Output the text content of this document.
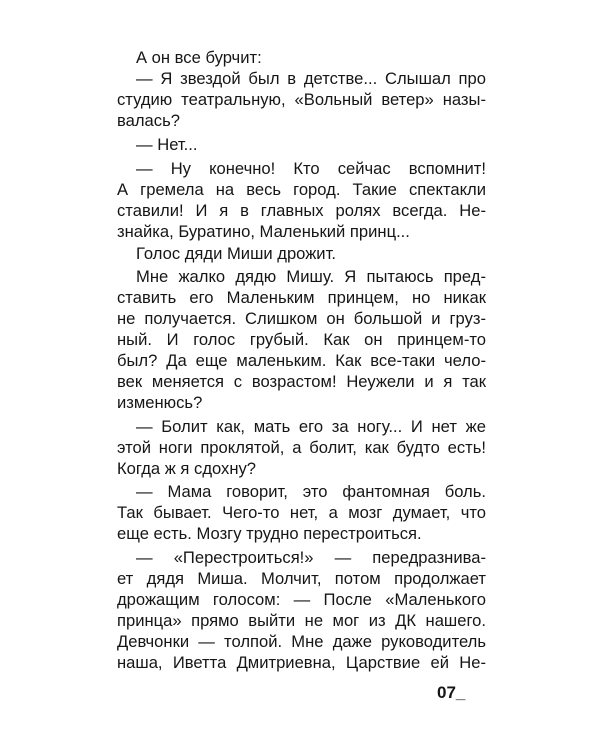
А он все бурчит:
— Я звездой был в детстве... Слышал про
студию театральную, «Вольный ветер» назы-
валась?
— Нет...
— Ну конечно! Кто сейчас вспомнит!
А гремела на весь город. Такие спектакли
ставили! И я в главных ролях всегда. Не-
знайка, Буратино, Маленький принц...
Голос дяди Миши дрожит.
Мне жалко дядю Мишу. Я пытаюсь пред-
ставить его Маленьким принцем, но никак
не получается. Слишком он большой и груз-
ный. И голос грубый. Как он принцем-то
был? Да еще маленьким. Как все-таки чело-
век меняется с возрастом! Неужели и я так
изменюсь?
— Болит как, мать его за ногу... И нет же
этой ноги проклятой, а болит, как будто есть!
Когда ж я сдохну?
— Мама говорит, это фантомная боль.
Так бывает. Чего-то нет, а мозг думает, что
еще есть. Мозгу трудно перестроиться.
— «Перестроиться!» — передразнива-
ет дядя Миша. Молчит, потом продолжает
дрожащим голосом: — После «Маленького
принца» прямо выйти не мог из ДК нашего.
Девчонки — толпой. Мне даже руководитель
наша, Иветта Дмитриевна, Царствие ей Не-
07_
